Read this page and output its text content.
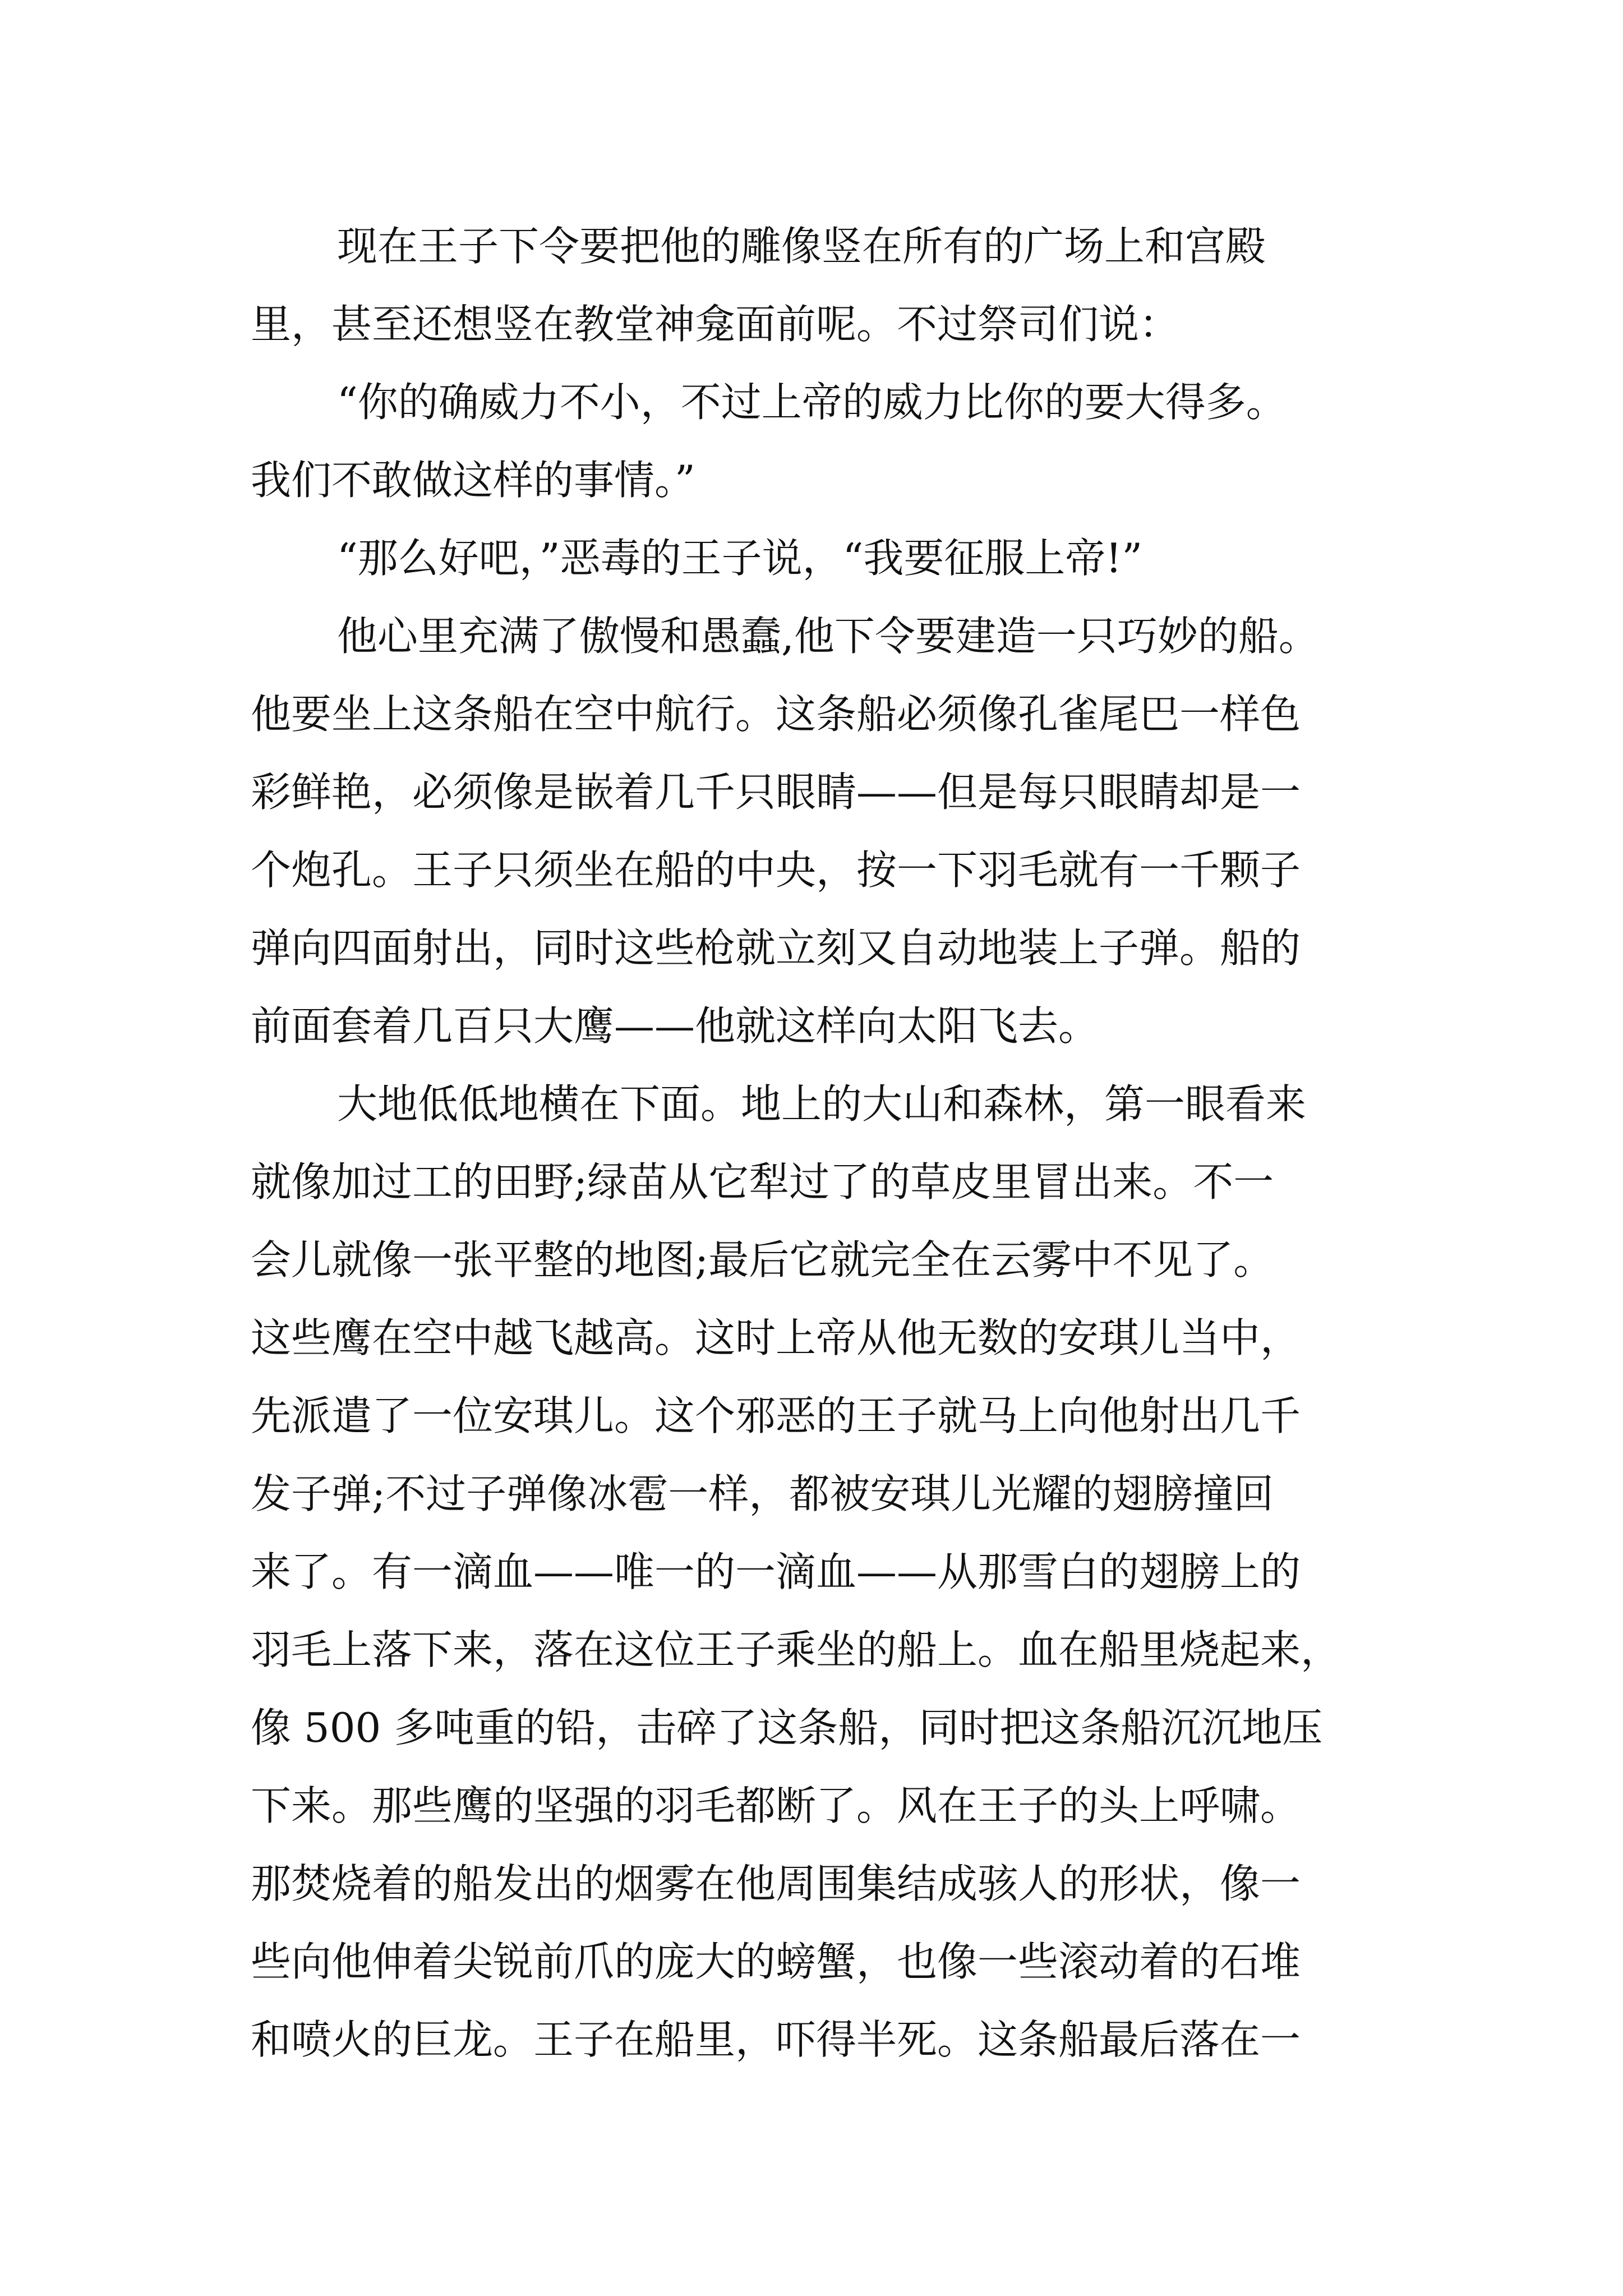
现在王子下令要把他的雕像竖在所有的广场上和宫殿
里，甚至还想竖在教堂神龛面前呢。不过祭司们说：
“你的确威力不小，不过上帝的威力比你的要大得多。
我们不敢做这样的事情。”
“那么好吧，”恶毒的王子说，“我要征服上帝!”
他心里充满了傲慢和愚蠢,他下令要建造一只巧妙的船。
他要坐上这条船在空中航行。这条船必须像孔雀尾巴一样色
彩鲜艳，必须像是嵌着几千只眼睛——但是每只眼睛却是一
个炮孔。王子只须坐在船的中央，按一下羽毛就有一千颗子
弹向四面射出，同时这些枪就立刻又自动地装上子弹。船的
前面套着几百只大鹰——他就这样向太阳飞去。
大地低低地横在下面。地上的大山和森林，第一眼看来
就像加过工的田野;绿苗从它犁过了的草皮里冒出来。不一
会儿就像一张平整的地图;最后它就完全在云雾中不见了。
这些鹰在空中越飞越高。这时上帝从他无数的安琪儿当中，
先派遣了一位安琪儿。这个邪恶的王子就马上向他射出几千
发子弹;不过子弹像冰雹一样，都被安琪儿光耀的翅膀撞回
来了。有一滴血——唯一的一滴血——从那雪白的翅膀上的
羽毛上落下来，落在这位王子乘坐的船上。血在船里烧起来，
像 500 多吨重的铅，击碎了这条船，同时把这条船沉沉地压
下来。那些鹰的坚强的羽毛都断了。风在王子的头上呼啸。
那焚烧着的船发出的烟雾在他周围集结成骇人的形状，像一
些向他伸着尖锐前爪的庞大的螃蟹，也像一些滚动着的石堆
和喷火的巨龙。王子在船里，吓得半死。这条船最后落在一
